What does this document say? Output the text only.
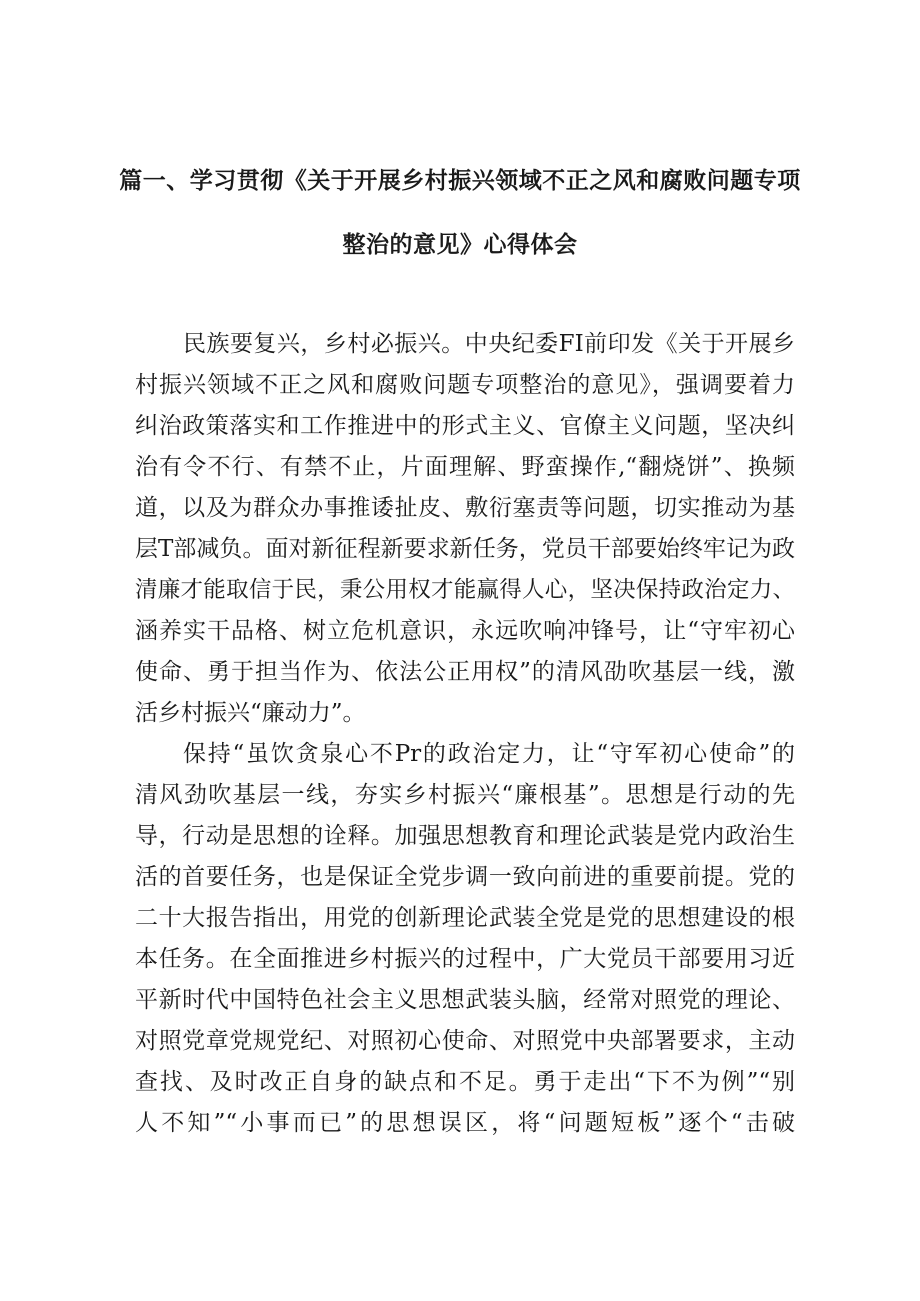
篇一、学习贯彻《关于开展乡村振兴领域不正之风和腐败问题专项
整治的意见》心得体会
民族要复兴，乡村必振兴。中央纪委FI前印发《关于开展乡
村振兴领域不正之风和腐败问题专项整治的意见》，强调要着力
纠治政策落实和工作推进中的形式主义、官僚主义问题，坚决纠
治有令不行、有禁不止，片面理解、野蛮操作,“翻烧饼”、换频
道，以及为群众办事推诿扯皮、敷衍塞责等问题，切实推动为基
层T部减负。面对新征程新要求新任务，党员干部要始终牢记为政
清廉才能取信于民，秉公用权才能赢得人心，坚决保持政治定力、
涵养实干品格、树立危机意识，永远吹响冲锋号，让“守牢初心
使命、勇于担当作为、依法公正用权”的清风劭吹基层一线，激
活乡村振兴“廉动力”。
保持“虽饮贪泉心不Pr的政治定力，让“守军初心使命”的
清风劲吹基层一线，夯实乡村振兴“廉根基”。思想是行动的先
导，行动是思想的诠释。加强思想教育和理论武装是党内政治生
活的首要任务，也是保证全党步调一致向前进的重要前提。党的
二十大报告指出，用党的创新理论武装全党是党的思想建设的根
本任务。在全面推进乡村振兴的过程中，广大党员干部要用习近
平新时代中国特色社会主义思想武装头脑，经常对照党的理论、
对照党章党规党纪、对照初心使命、对照党中央部署要求，主动
查找、及时改正自身的缺点和不足。勇于走出“下不为例”“别
人不知”“小事而已”的思想误区，将“问题短板”逐个“击破
